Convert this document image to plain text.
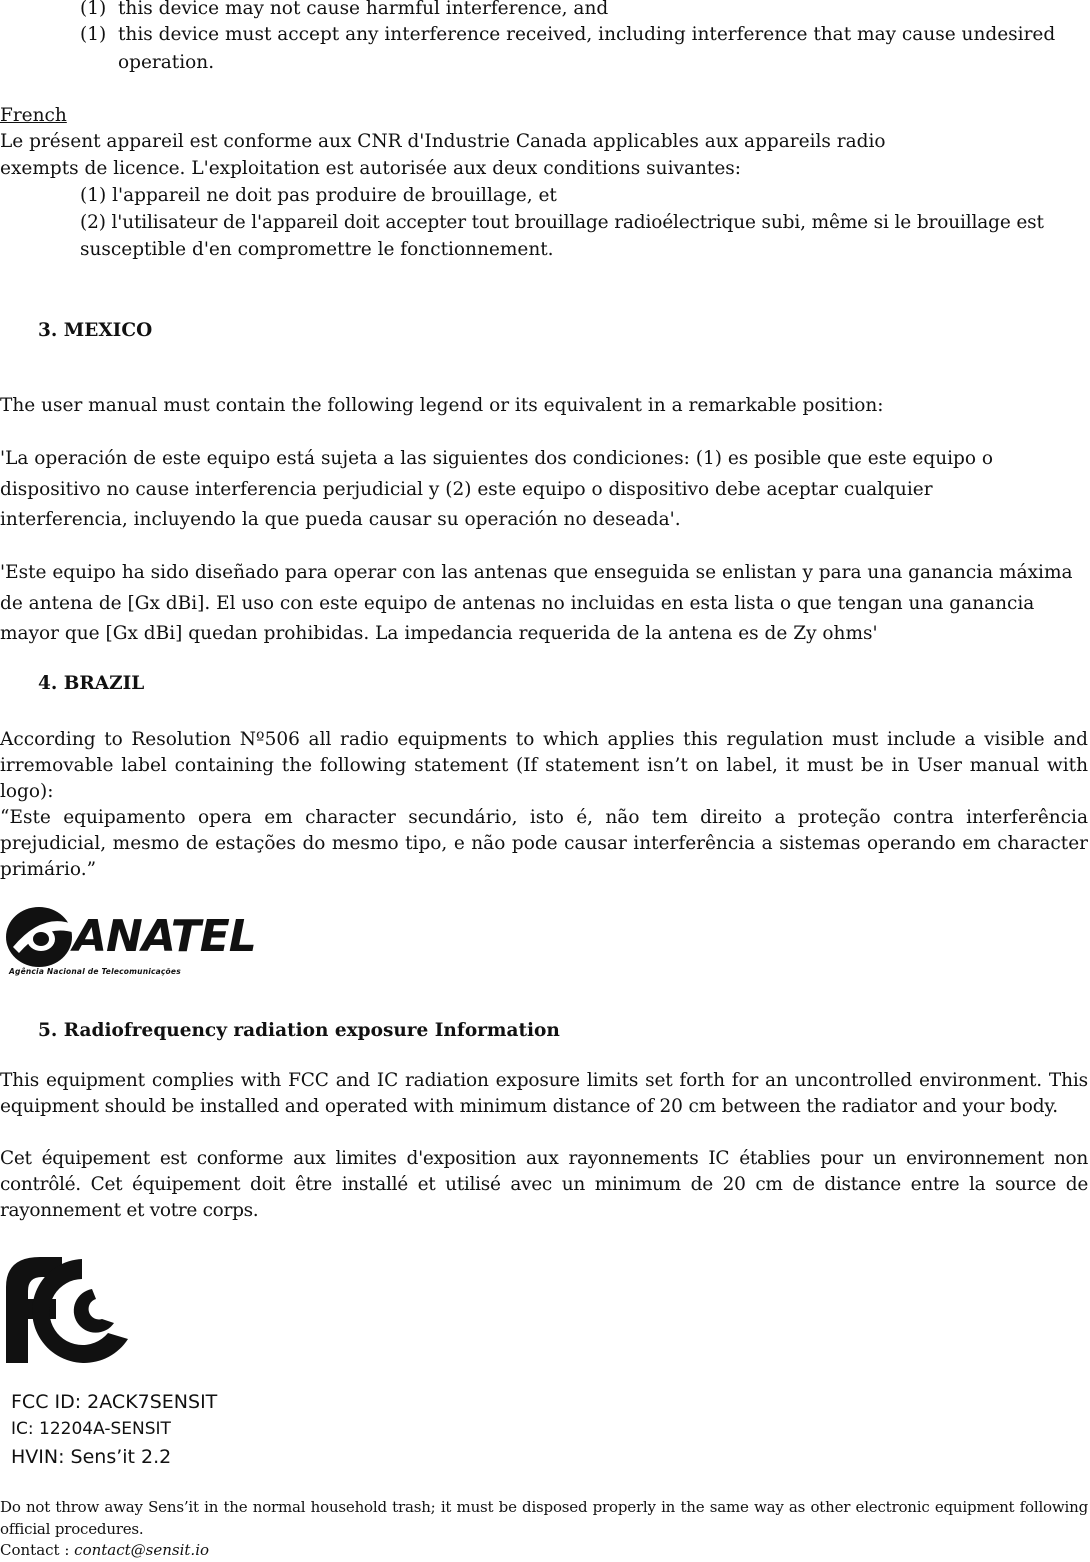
(1) this device may not cause harmful interference, and
(1) this device must accept any interference received, including interference that may cause undesired
operation.
French
Le présent appareil est conforme aux CNR d'Industrie Canada applicables aux appareils radio
exempts de licence. L'exploitation est autorisée aux deux conditions suivantes:
(1) l'appareil ne doit pas produire de brouillage, et
(2) l'utilisateur de l'appareil doit accepter tout brouillage radioélectrique subi, même si le brouillage est
susceptible d'en compromettre le fonctionnement.
3. MEXICO
The user manual must contain the following legend or its equivalent in a remarkable position:

'La operación de este equipo está sujeta a las siguientes dos condiciones: (1) es posible que este equipo o dispositivo no cause interferencia perjudicial y (2) este equipo o dispositivo debe aceptar cualquier interferencia, incluyendo la que pueda causar su operación no deseada'.

'Este equipo ha sido diseñado para operar con las antenas que enseguida se enlistan y para una ganancia máxima de antena de [Gx dBi]. El uso con este equipo de antenas no incluidas en esta lista o que tengan una ganancia mayor que [Gx dBi] quedan prohibidas. La impedancia requerida de la antena es de Zy ohms'

4. BRAZIL

According to Resolution Nº506 all radio equipments to which applies this regulation must include a visible and irremovable label containing the following statement (If statement isn’t on label, it must be in User manual with logo):

“Este equipamento opera em character secundário, isto é, não tem direito a proteção contra interferência prejudicial, mesmo de estações do mesmo tipo, e não pode causar interferência a sistemas operando em character primário.”

ANATEL
Agência Nacional de Telecomunicações
5. Radiofrequency radiation exposure Information

This equipment complies with FCC and IC radiation exposure limits set forth for an uncontrolled environment. This equipment should be installed and operated with minimum distance of 20 cm between the radiator and your body.

Cet équipement est conforme aux limites d'exposition aux rayonnements IC établies pour un environnement non contrôlé. Cet équipement doit être installé et utilisé avec un minimum de 20 cm de distance entre la source de rayonnement et votre corps.

FCC ID: 2ACK7SENSIT
IC: 12204A-SENSIT
HVIN: Sens’it 2.2

Do not throw away Sens’it in the normal household trash; it must be disposed properly in the same way as other electronic equipment following official procedures.

Contact : contact@sensit.io
